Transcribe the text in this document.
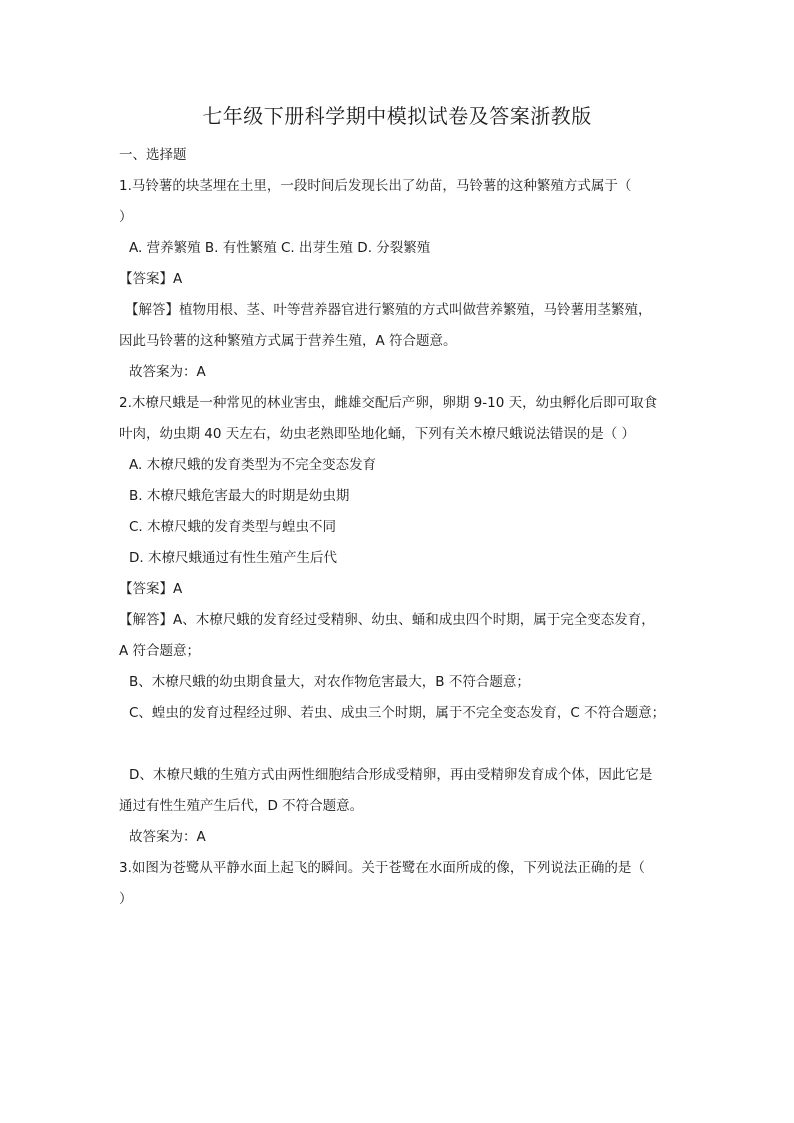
七年级下册科学期中模拟试卷及答案浙教版
一、选择题
1.马铃薯的块茎埋在土里，一段时间后发现长出了幼苗，马铃薯的这种繁殖方式属于（
）
A. 营养繁殖 B. 有性繁殖 C. 出芽生殖 D. 分裂繁殖
【答案】A
【解答】植物用根、茎、叶等营养器官进行繁殖的方式叫做营养繁殖，马铃薯用茎繁殖，
因此马铃薯的这种繁殖方式属于营养生殖，A 符合题意。
故答案为：A
2.木橑尺蛾是一种常见的林业害虫，雌雄交配后产卵，卵期 9-10 天，幼虫孵化后即可取食
叶肉，幼虫期 40 天左右，幼虫老熟即坠地化蛹，下列有关木橑尺蛾说法错误的是（ ）
A. 木橑尺蛾的发育类型为不完全变态发育
B. 木橑尺蛾危害最大的时期是幼虫期
C. 木橑尺蛾的发育类型与蝗虫不同
D. 木橑尺蛾通过有性生殖产生后代
【答案】A
【解答】A、木橑尺蛾的发育经过受精卵、幼虫、蛹和成虫四个时期，属于完全变态发育，
A 符合题意；
B、木橑尺蛾的幼虫期食量大，对农作物危害最大，B 不符合题意；
C、蝗虫的发育过程经过卵、若虫、成虫三个时期，属于不完全变态发育，C 不符合题意；
D、木橑尺蛾的生殖方式由两性细胞结合形成受精卵，再由受精卵发育成个体，因此它是
通过有性生殖产生后代，D 不符合题意。
故答案为：A
3.如图为苍鹭从平静水面上起飞的瞬间。关于苍鹭在水面所成的像，下列说法正确的是（
）
